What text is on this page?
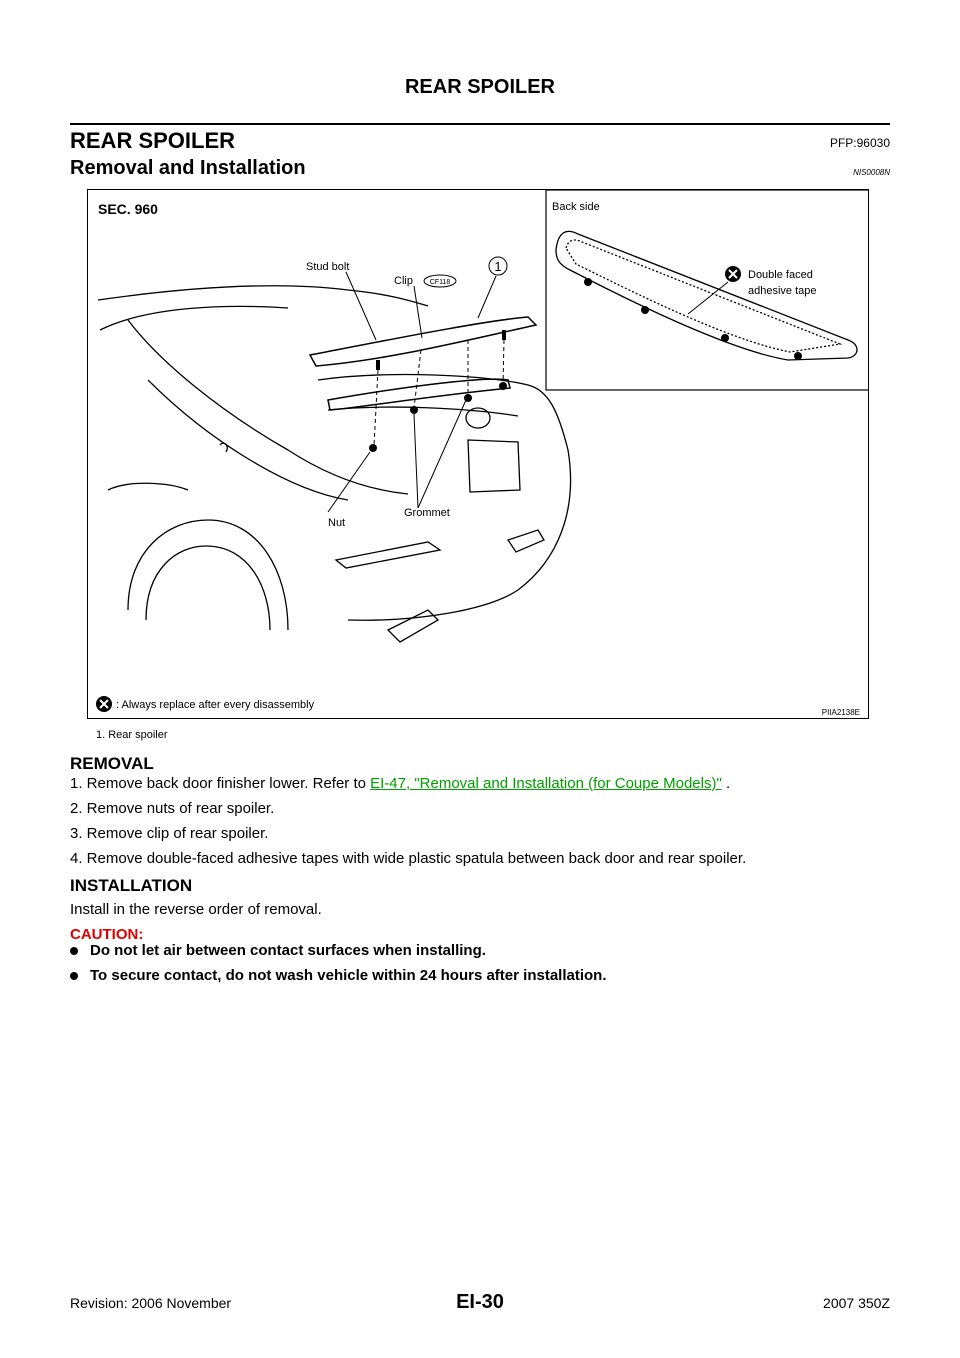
REAR SPOILER
REAR SPOILER	PFP:96030
Removal and Installation	NIS0008N
SEC. 960	Back side
Double faced
adhesive tape
Stud bolt
Clip CF118
1
Nut
Grommet
: Always replace after every disassembly
PIIA2138E
1. Rear spoiler
REMOVAL
1. Remove back door finisher lower. Refer to EI-47, "Removal and Installation (for Coupe Models)" .
2. Remove nuts of rear spoiler.
3. Remove clip of rear spoiler.
4. Remove double-faced adhesive tapes with wide plastic spatula between back door and rear spoiler.
INSTALLATION
Install in the reverse order of removal.
CAUTION:
Do not let air between contact surfaces when installing.
To secure contact, do not wash vehicle within 24 hours after installation.
Revision: 2006 November	EI-30	2007 350Z
